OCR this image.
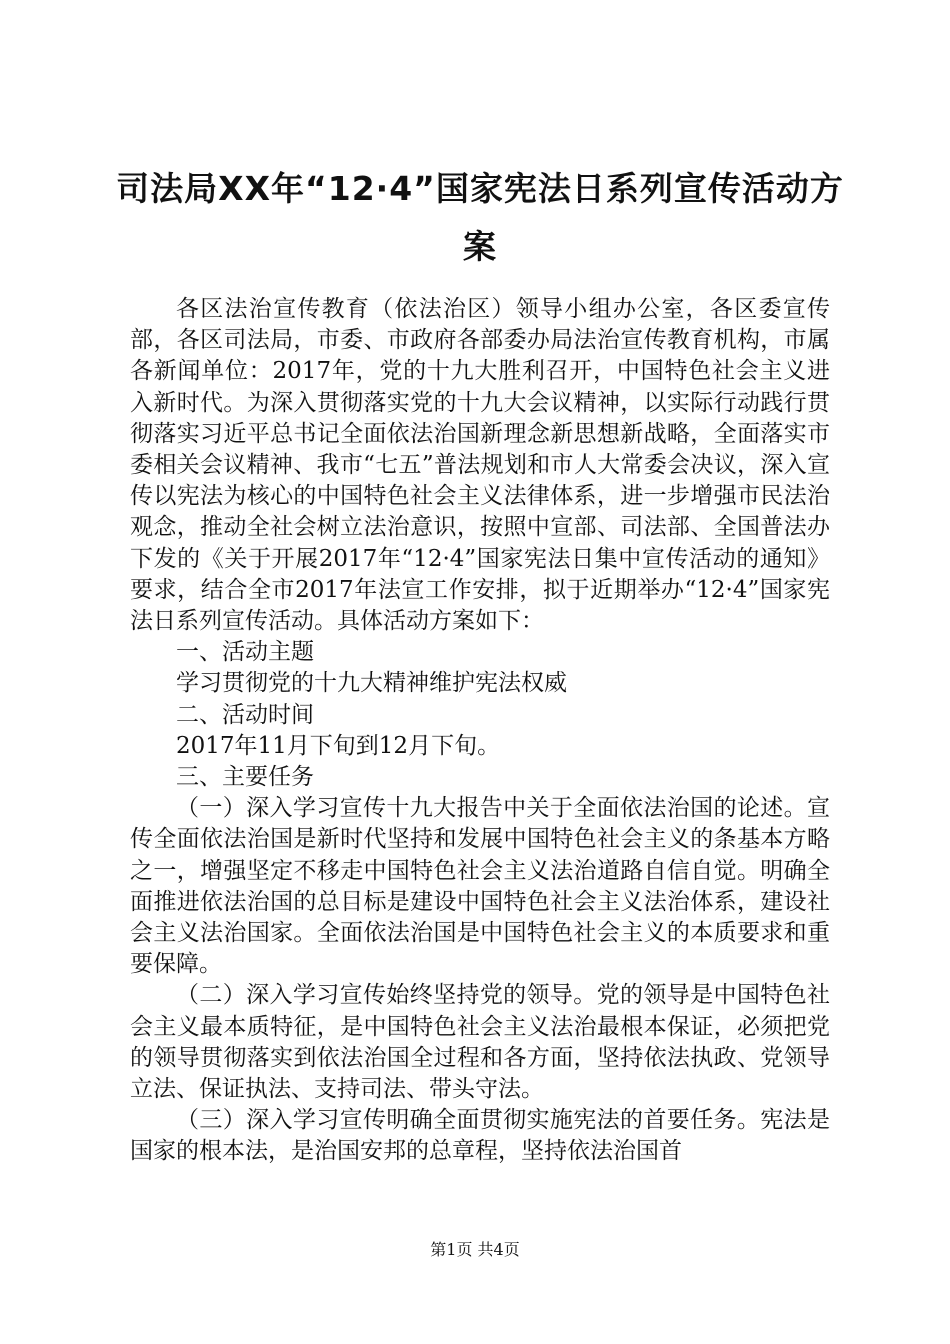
司法局XX年“12·4”国家宪法日系列宣传活动方案

各区法治宣传教育（依法治区）领导小组办公室，各区委宣传部，各区司法局，市委、市政府各部委办局法治宣传教育机构，市属各新闻单位：2017年，党的十九大胜利召开，中国特色社会主义进入新时代。为深入贯彻落实党的十九大会议精神，以实际行动践行贯彻落实习近平总书记全面依法治国新理念新思想新战略，全面落实市委相关会议精神、我市“七五”普法规划和市人大常委会决议，深入宣传以宪法为核心的中国特色社会主义法律体系，进一步增强市民法治观念，推动全社会树立法治意识，按照中宣部、司法部、全国普法办下发的《关于开展2017年“12·4”国家宪法日集中宣传活动的通知》要求，结合全市2017年法宣工作安排，拟于近期举办“12·4”国家宪法日系列宣传活动。具体活动方案如下：

一、活动主题

学习贯彻党的十九大精神维护宪法权威

二、活动时间

2017年11月下旬到12月下旬。

三、主要任务

（一）深入学习宣传十九大报告中关于全面依法治国的论述。宣传全面依法治国是新时代坚持和发展中国特色社会主义的条基本方略之一，增强坚定不移走中国特色社会主义法治道路自信自觉。明确全面推进依法治国的总目标是建设中国特色社会主义法治体系，建设社会主义法治国家。全面依法治国是中国特色社会主义的本质要求和重要保障。

（二）深入学习宣传始终坚持党的领导。党的领导是中国特色社会主义最本质特征，是中国特色社会主义法治最根本保证，必须把党的领导贯彻落实到依法治国全过程和各方面，坚持依法执政、党领导立法、保证执法、支持司法、带头守法。

（三）深入学习宣传明确全面贯彻实施宪法的首要任务。宪法是国家的根本法，是治国安邦的总章程，坚持依法治国首

第1页 共4页
